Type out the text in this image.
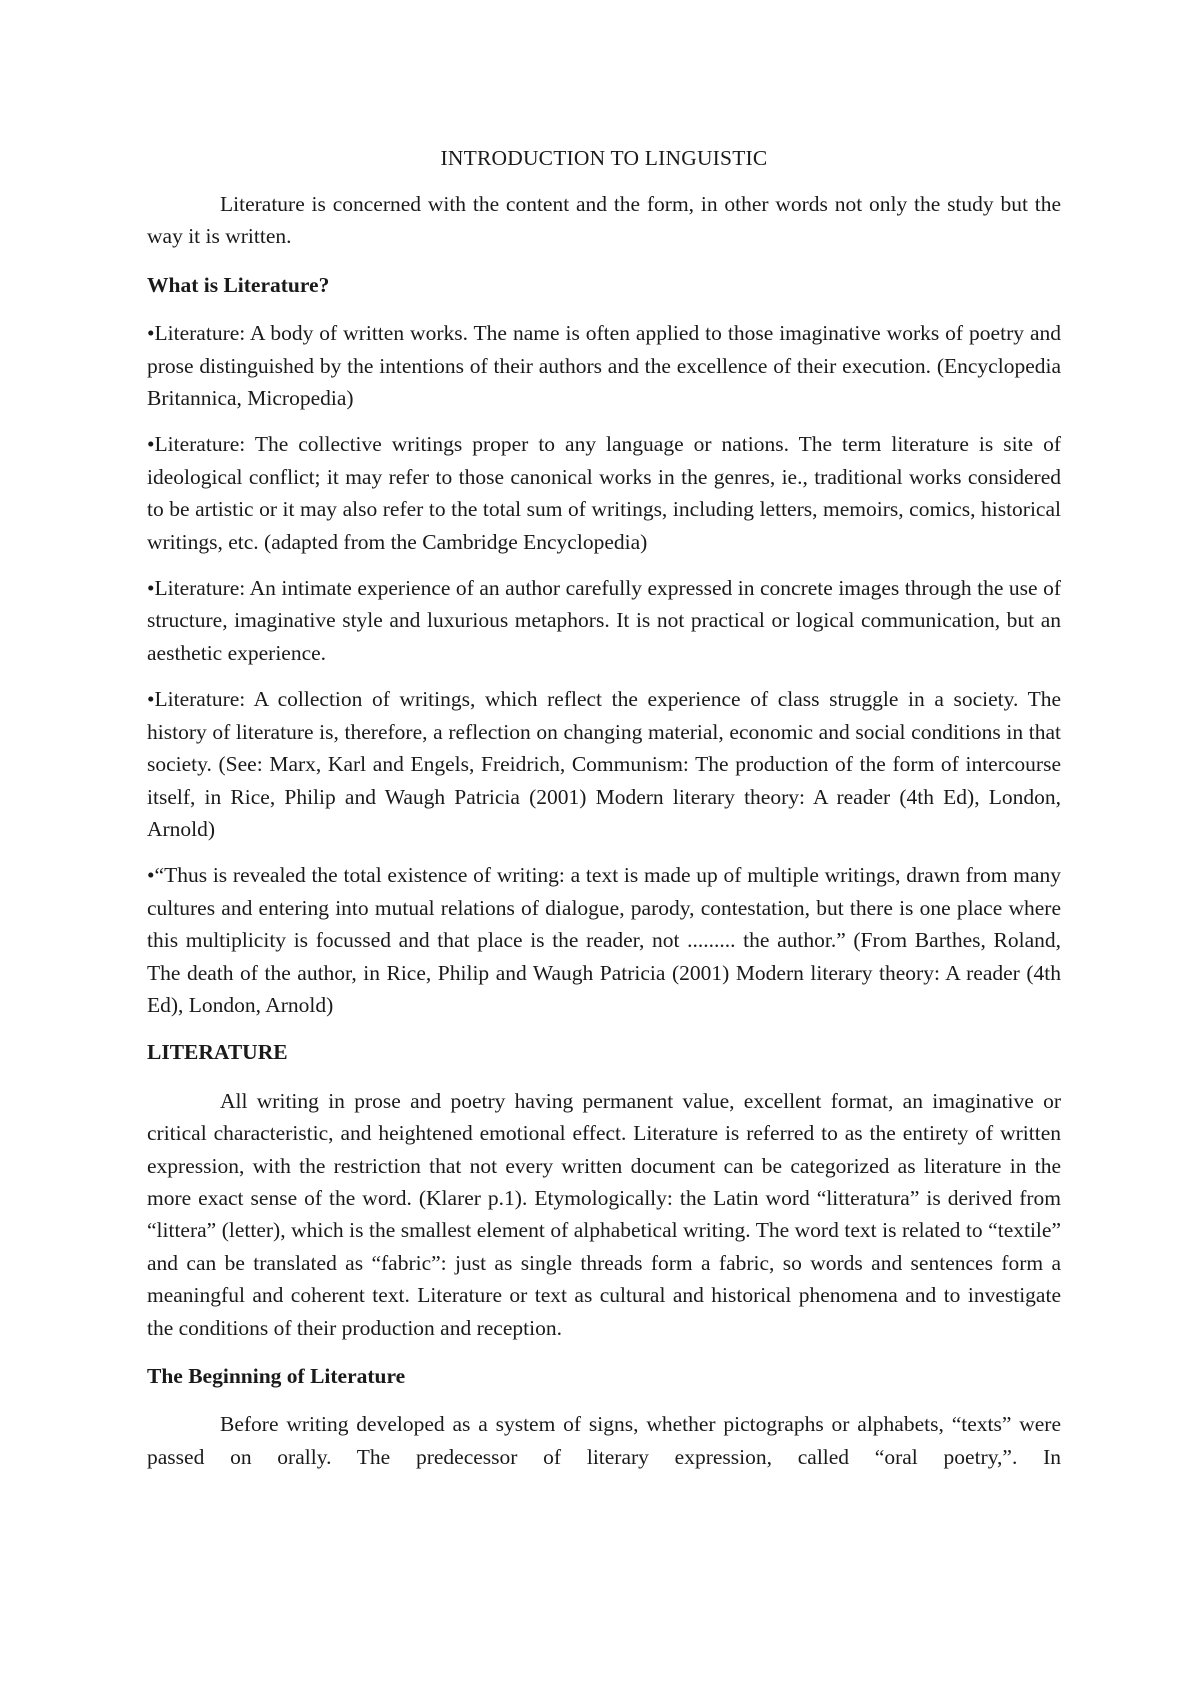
INTRODUCTION TO LINGUISTIC

Literature is concerned with the content and the form, in other words not only the study but the way it is written.

What is Literature?

•Literature: A body of written works. The name is often applied to those imaginative works of poetry and prose distinguished by the intentions of their authors and the excellence of their execution. (Encyclopedia Britannica, Micropedia)

•Literature: The collective writings proper to any language or nations. The term literature is site of ideological conflict; it may refer to those canonical works in the genres, ie., traditional works considered to be artistic or it may also refer to the total sum of writings, including letters, memoirs, comics, historical writings, etc. (adapted from the Cambridge Encyclopedia)

•Literature: An intimate experience of an author carefully expressed in concrete images through the use of structure, imaginative style and luxurious metaphors. It is not practical or logical communication, but an aesthetic experience.

•Literature: A collection of writings, which reflect the experience of class struggle in a society. The history of literature is, therefore, a reflection on changing material, economic and social conditions in that society. (See: Marx, Karl and Engels, Freidrich, Communism: The production of the form of intercourse itself, in Rice, Philip and Waugh Patricia (2001) Modern literary theory: A reader (4th Ed), London, Arnold)

•“Thus is revealed the total existence of writing: a text is made up of multiple writings, drawn from many cultures and entering into mutual relations of dialogue, parody, contestation, but there is one place where this multiplicity is focussed and that place is the reader, not ......... the author.” (From Barthes, Roland, The death of the author, in Rice, Philip and Waugh Patricia (2001) Modern literary theory: A reader (4th Ed), London, Arnold)

LITERATURE

All writing in prose and poetry having permanent value, excellent format, an imaginative or critical characteristic, and heightened emotional effect. Literature is referred to as the entirety of written expression, with the restriction that not every written document can be categorized as literature in the more exact sense of the word. (Klarer p.1). Etymologically: the Latin word “litteratura” is derived from “littera” (letter), which is the smallest element of alphabetical writing. The word text is related to “textile” and can be translated as “fabric”: just as single threads form a fabric, so words and sentences form a meaningful and coherent text. Literature or text as cultural and historical phenomena and to investigate the conditions of their production and reception.

The Beginning of Literature

Before writing developed as a system of signs, whether pictographs or alphabets, “texts” were passed on orally. The predecessor of literary expression, called “oral poetry,”. In
